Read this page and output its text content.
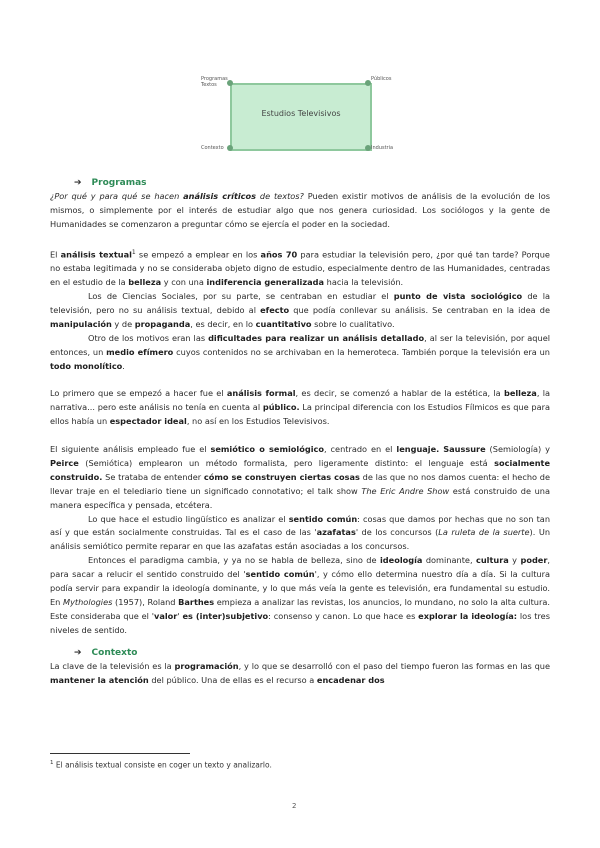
Estudios Televisivos
Programas
Textos
Públicos
Contexto	Industria

➔ Programas

¿Por qué y para qué se hacen análisis críticos de textos? Pueden existir motivos de análisis de la evolución de los mismos, o simplemente por el interés de estudiar algo que nos genera curiosidad. Los sociólogos y la gente de Humanidades se comenzaron a preguntar cómo se ejercía el poder en la sociedad.

El análisis textual$^1$ se empezó a emplear en los años 70 para estudiar la televisión pero, ¿por qué tan tarde? Porque no estaba legitimada y no se consideraba objeto digno de estudio, especialmente dentro de las Humanidades, centradas en el estudio de la belleza y con una indiferencia generalizada hacia la televisión.

Los de Ciencias Sociales, por su parte, se centraban en estudiar el punto de vista sociológico de la televisión, pero no su análisis textual, debido al efecto que podía conllevar su análisis. Se centraban en la idea de manipulación y de propaganda, es decir, en lo cuantitativo sobre lo cualitativo.

Otro de los motivos eran las dificultades para realizar un análisis detallado, al ser la televisión, por aquel entonces, un medio efímero cuyos contenidos no se archivaban en la hemeroteca. También porque la televisión era un todo monolítico.

Lo primero que se empezó a hacer fue el análisis formal, es decir, se comenzó a hablar de la estética, la belleza, la narrativa... pero este análisis no tenía en cuenta al público. La principal diferencia con los Estudios Fílmicos es que para ellos había un espectador ideal, no así en los Estudios Televisivos.

El siguiente análisis empleado fue el semiótico o semiológico, centrado en el lenguaje. Saussure (Semiología) y Peirce (Semiótica) emplearon un método formalista, pero ligeramente distinto: el lenguaje está socialmente construido. Se trataba de entender cómo se construyen ciertas cosas de las que no nos damos cuenta: el hecho de llevar traje en el telediario tiene un significado connotativo; el talk show The Eric Andre Show está construido de una manera específica y pensada, etcétera.

Lo que hace el estudio lingüístico es analizar el sentido común: cosas que damos por hechas que no son tan así y que están socialmente construidas. Tal es el caso de las 'azafatas' de los concursos (La ruleta de la suerte). Un análisis semiótico permite reparar en que las azafatas están asociadas a los concursos.

Entonces el paradigma cambia, y ya no se habla de belleza, sino de ideología dominante, cultura y poder, para sacar a relucir el sentido construido del 'sentido común', y cómo ello determina nuestro día a día. Si la cultura podía servir para expandir la ideología dominante, y lo que más veía la gente es televisión, era fundamental su estudio. En Mythologies (1957), Roland Barthes empieza a analizar las revistas, los anuncios, lo mundano, no solo la alta cultura. Este consideraba que el 'valor' es (inter)subjetivo: consenso y canon. Lo que hace es explorar la ideología: los tres niveles de sentido.

➔ Contexto

La clave de la televisión es la programación, y lo que se desarrolló con el paso del tiempo fueron las formas en las que mantener la atención del público. Una de ellas es el recurso a encadenar dos

$^1$ El análisis textual consiste en coger un texto y analizarlo.
2
